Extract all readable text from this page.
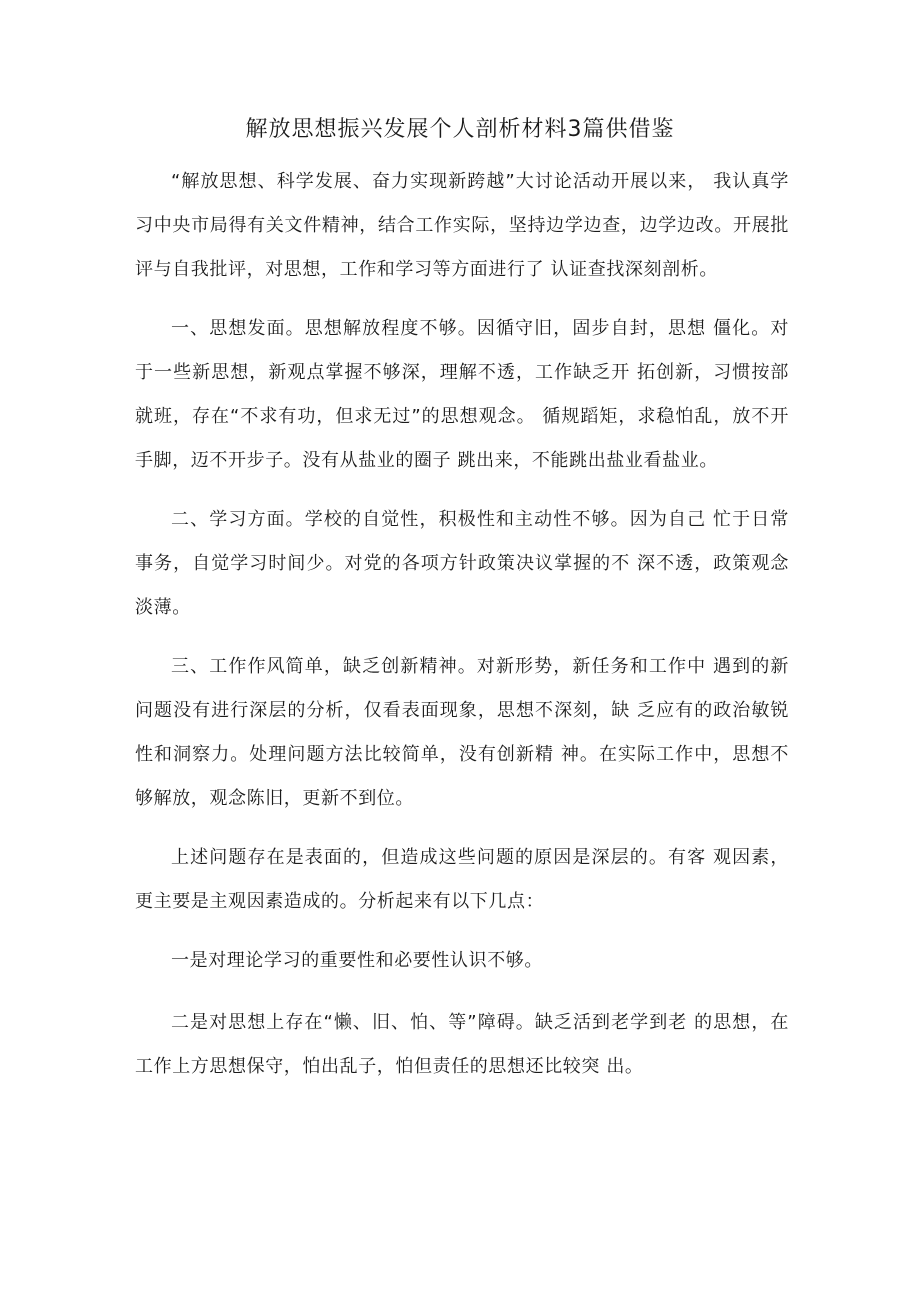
解放思想振兴发展个人剖析材料3篇供借鉴

“解放思想、科学发展、奋力实现新跨越”大讨论活动开展以来， 我认真学习中央市局得有关文件精神，结合工作实际，坚持边学边查，边学边改。开展批评与自我批评，对思想，工作和学习等方面进行了 认证查找深刻剖析。

一、思想发面。思想解放程度不够。因循守旧，固步自封，思想 僵化。对于一些新思想，新观点掌握不够深，理解不透，工作缺乏开 拓创新，习惯按部就班，存在“不求有功，但求无过”的思想观念。 循规蹈矩，求稳怕乱，放不开手脚，迈不开步子。没有从盐业的圈子 跳出来，不能跳出盐业看盐业。

二、学习方面。学校的自觉性，积极性和主动性不够。因为自己 忙于日常事务，自觉学习时间少。对党的各项方针政策决议掌握的不 深不透，政策观念淡薄。

三、工作作风简单，缺乏创新精神。对新形势，新任务和工作中 遇到的新问题没有进行深层的分析，仅看表面现象，思想不深刻，缺 乏应有的政治敏锐性和洞察力。处理问题方法比较简单，没有创新精 神。在实际工作中，思想不够解放，观念陈旧，更新不到位。

上述问题存在是表面的，但造成这些问题的原因是深层的。有客 观因素，更主要是主观因素造成的。分析起来有以下几点：

一是对理论学习的重要性和必要性认识不够。

二是对思想上存在“懒、旧、怕、等”障碍。缺乏活到老学到老 的思想，在工作上方思想保守，怕出乱子，怕但责任的思想还比较突 出。
